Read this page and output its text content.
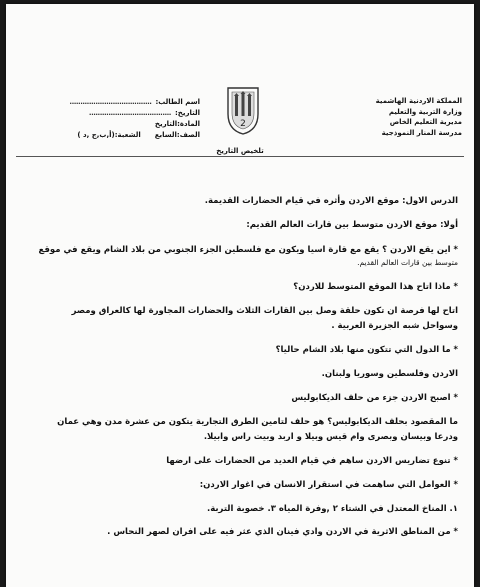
المملكة الاردنية الهاشمية
وزارة التربية والتعليم
مديرية التعليم الخاص
مدرسة المنار النموذجية
2
اسم الطالب:
......................................
التاريخ:
......................................
المادة:التاريخ
الصف:السابع
الشعبة:(أ,ب,ج ,د )
تلخيص التاريخ
الدرس الاول: موقع الاردن وأثره في قيام الحضارات القديمة.
أولا: موقع الاردن متوسط بين قارات العالم القديم:
* اين يقع الاردن ؟ يقع مع قارة اسيا ويكون مع فلسطين الجزء الجنوبي من بلاد الشام ويقع في موقع
متوسط بين قارات العالم القديم.
* ماذا اتاح هذا الموقع المتوسط للاردن؟
اتاح لها فرصة ان تكون حلقة وصل بين القارات الثلاث والحضارات المجاورة لها كالعراق ومصر
وسواحل شبه الجزيرة العربية .
* ما الدول التي تتكون منها بلاد الشام حاليا؟
الاردن وفلسطين وسوريا ولبنان.
* اصبح الاردن جزء من حلف الديكابوليس
ما المقصود بحلف الديكابوليس؟ هو حلف لتامين الطرق التجارية يتكون من عشرة مدن وهي عمان
ودرعا وبيسان وبصرى وام قيس وبيلا و اربد وبيت راس وابيلا.
* تنوع تضاريس الاردن ساهم في قيام العديد من الحضارات على ارضها
* العوامل التي ساهمت في استقرار الانسان في اغوار الاردن:
١. المناخ المعتدل في الشتاء ٢ ,وفرة المياه ٣. خصوبة التربة.
* من المناطق الاثرية في الاردن وادي فينان الذي عثر فيه على افران لصهر النحاس .
